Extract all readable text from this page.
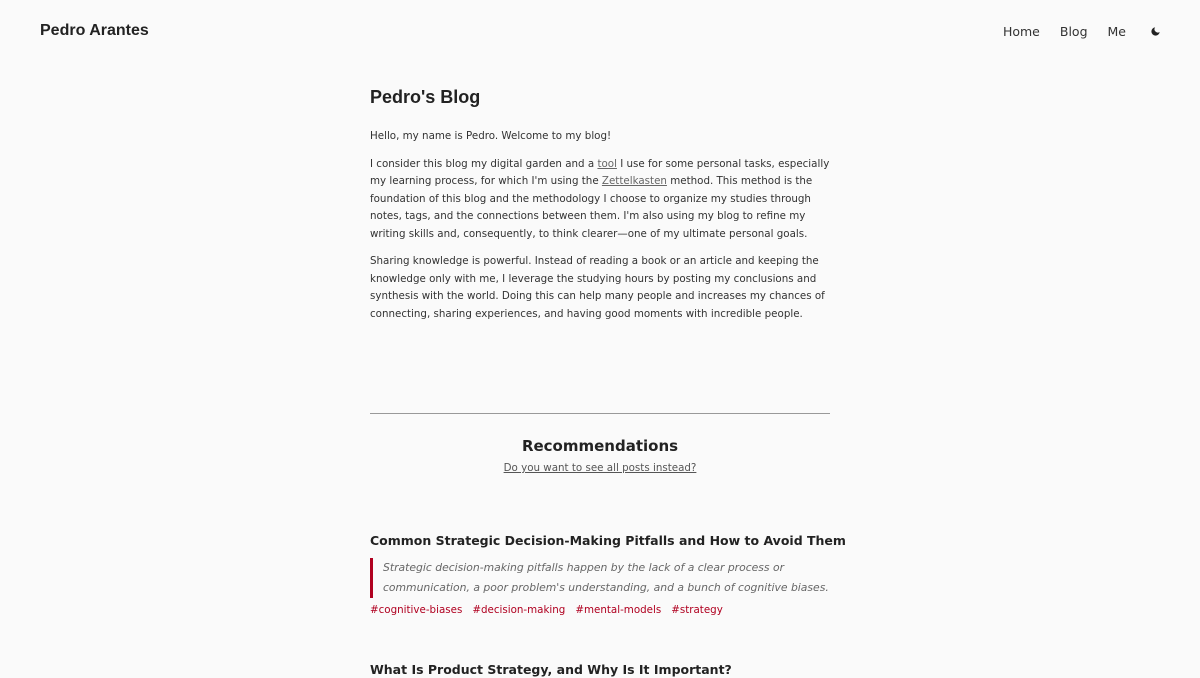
Pedro Arantes	Home Blog Me
Pedro's Blog

Hello, my name is Pedro. Welcome to my blog!

I consider this blog my digital garden and a tool I use for some personal tasks, especially my learning process, for which I'm using the Zettelkasten method. This method is the foundation of this blog and the methodology I choose to organize my studies through notes, tags, and the connections between them. I'm also using my blog to refine my writing skills and, consequently, to think clearer—one of my ultimate personal goals.

Sharing knowledge is powerful. Instead of reading a book or an article and keeping the knowledge only with me, I leverage the studying hours by posting my conclusions and synthesis with the world. Doing this can help many people and increases my chances of connecting, sharing experiences, and having good moments with incredible people.

Recommendations
Do you want to see all posts instead?
Common Strategic Decision-Making Pitfalls and How to Avoid Them
Strategic decision-making pitfalls happen by the lack of a clear process or communication, a poor problem's understanding, and a bunch of cognitive biases.
#cognitive-biases #decision-making #mental-models #strategy
What Is Product Strategy, and Why Is It Important?
